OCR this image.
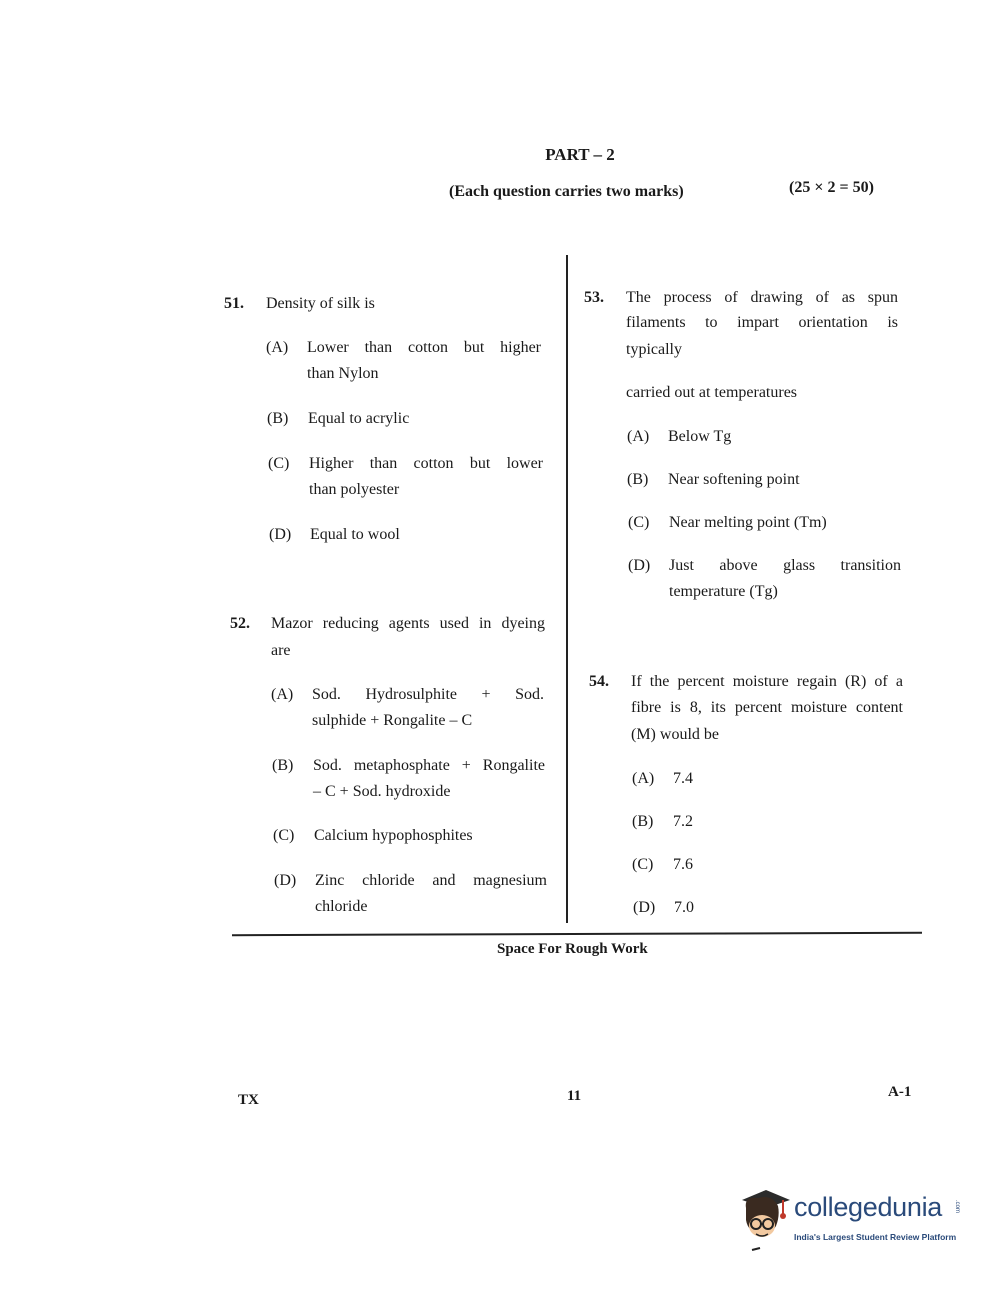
PART – 2
(Each question carries two marks)	(25 × 2 = 50)
51. Density of silk is
(A) Lower than cotton but higher
than Nylon
(B) Equal to acrylic
(C) Higher than cotton but lower
than polyester
(D) Equal to wool
52. Mazor reducing agents used in dyeing
are
(A) Sod. Hydrosulphite + Sod.
sulphide + Rongalite – C
(B) Sod. metaphosphate + Rongalite
– C + Sod. hydroxide
(C) Calcium hypophosphites
(D) Zinc chloride and magnesium
chloride
53. The process of drawing of as spun
filaments to impart orientation is
typically
carried out at temperatures
(A) Below Tg
(B) Near softening point
(C) Near melting point (Tm)
(D) Just above glass transition
temperature (Tg)
54. If the percent moisture regain (R) of a
fibre is 8, its percent moisture content
(M) would be
(A) 7.4
(B) 7.2
(C) 7.6
(D) 7.0
Space For Rough Work
TX	11	A-1
collegedunia .com
India's Largest Student Review Platform
